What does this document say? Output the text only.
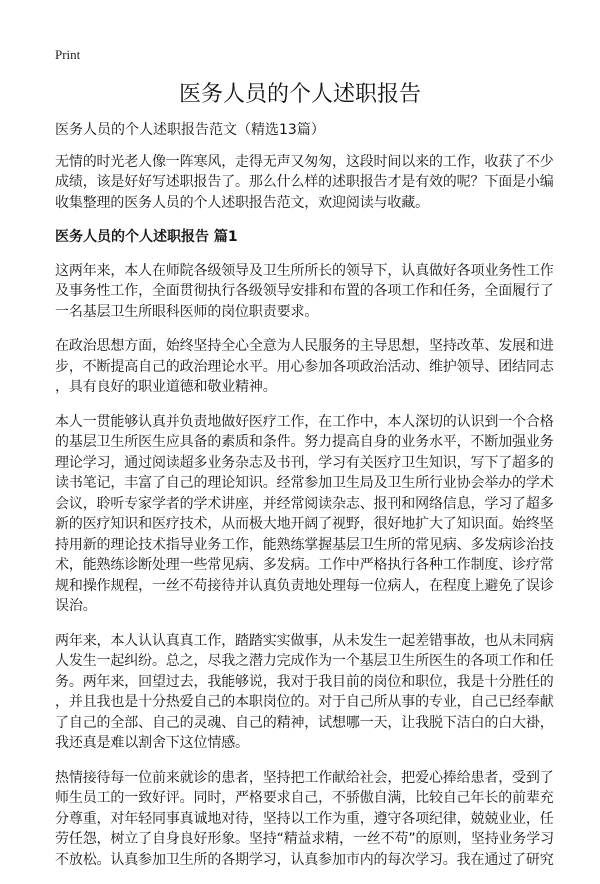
Print
医务人员的个人述职报告
医务人员的个人述职报告范文（精选13篇）
无情的时光老人像一阵寒风，走得无声又匆匆，这段时间以来的工作，收获了不少
成绩，该是好好写述职报告了。那么什么样的述职报告才是有效的呢？下面是小编
收集整理的医务人员的个人述职报告范文，欢迎阅读与收藏。
医务人员的个人述职报告 篇1
这两年来，本人在师院各级领导及卫生所所长的领导下，认真做好各项业务性工作
及事务性工作，全面贯彻执行各级领导安排和布置的各项工作和任务，全面履行了
一名基层卫生所眼科医师的岗位职责要求。
在政治思想方面，始终坚持全心全意为人民服务的主导思想，坚持改革、发展和进
步，不断提高自己的政治理论水平。用心参加各项政治活动、维护领导、团结同志
，具有良好的职业道德和敬业精神。
本人一贯能够认真并负责地做好医疗工作，在工作中，本人深切的认识到一个合格
的基层卫生所医生应具备的素质和条件。努力提高自身的业务水平，不断加强业务
理论学习，通过阅读超多业务杂志及书刊，学习有关医疗卫生知识，写下了超多的
读书笔记，丰富了自己的理论知识。经常参加卫生局及卫生所行业协会举办的学术
会议，聆听专家学者的学术讲座，并经常阅读杂志、报刊和网络信息，学习了超多
新的医疗知识和医疗技术，从而极大地开阔了视野，很好地扩大了知识面。始终坚
持用新的理论技术指导业务工作，能熟练掌握基层卫生所的常见病、多发病诊治技
术，能熟练诊断处理一些常见病、多发病。工作中严格执行各种工作制度、诊疗常
规和操作规程，一丝不苟接待并认真负责地处理每一位病人，在程度上避免了误诊
误治。
两年来，本人认认真真工作，踏踏实实做事，从未发生一起差错事故，也从未同病
人发生一起纠纷。总之，尽我之潜力完成作为一个基层卫生所医生的各项工作和任
务。两年来，回望过去，我能够说，我对于我目前的岗位和职位，我是十分胜任的
，并且我也是十分热爱自己的本职岗位的。对于自己所从事的专业，自己已经奉献
了自己的全部、自己的灵魂、自己的精神，试想哪一天，让我脱下洁白的白大褂，
我还真是难以割舍下这位情感。
热情接待每一位前来就诊的患者，坚持把工作献给社会，把爱心捧给患者，受到了
师生员工的一致好评。同时，严格要求自己，不骄傲自满，比较自己年长的前辈充
分尊重，对年轻同事真诚地对待，坚持以工作为重，遵守各项纪律，兢兢业业，任
劳任怨，树立了自身良好形象。坚持“精益求精，一丝不苟”的原则，坚持业务学习
不放松。认真参加卫生所的各期学习，认真参加市内的每次学习。我在通过了研究
